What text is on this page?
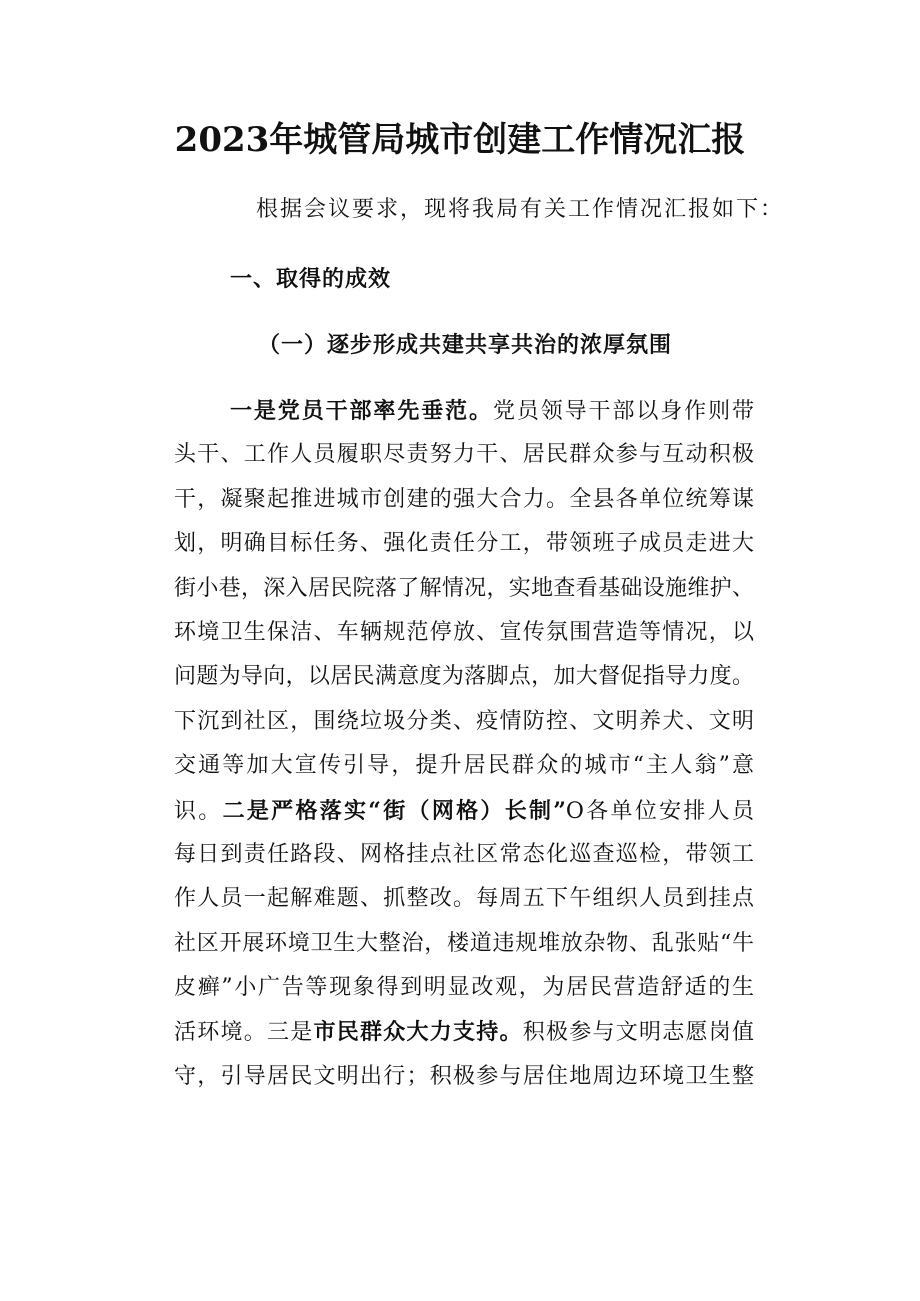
2023年城管局城市创建工作情况汇报
根据会议要求，现将我局有关工作情况汇报如下：
一、取得的成效
（一）逐步形成共建共享共治的浓厚氛围
一是党员干部率先垂范。党员领导干部以身作则带
头干、工作人员履职尽责努力干、居民群众参与互动积极
干，凝聚起推进城市创建的强大合力。全县各单位统筹谋
划，明确目标任务、强化责任分工，带领班子成员走进大
街小巷，深入居民院落了解情况，实地查看基础设施维护、
环境卫生保洁、车辆规范停放、宣传氛围营造等情况，以
问题为导向，以居民满意度为落脚点，加大督促指导力度。
下沉到社区，围绕垃圾分类、疫情防控、文明养犬、文明
交通等加大宣传引导，提升居民群众的城市“主人翁”意
识。二是严格落实“街（网格）长制”O各单位安排人员
每日到责任路段、网格挂点社区常态化巡查巡检，带领工
作人员一起解难题、抓整改。每周五下午组织人员到挂点
社区开展环境卫生大整治，楼道违规堆放杂物、乱张贴“牛
皮癣”小广告等现象得到明显改观，为居民营造舒适的生
活环境。三是市民群众大力支持。积极参与文明志愿岗值
守，引导居民文明出行；积极参与居住地周边环境卫生整
